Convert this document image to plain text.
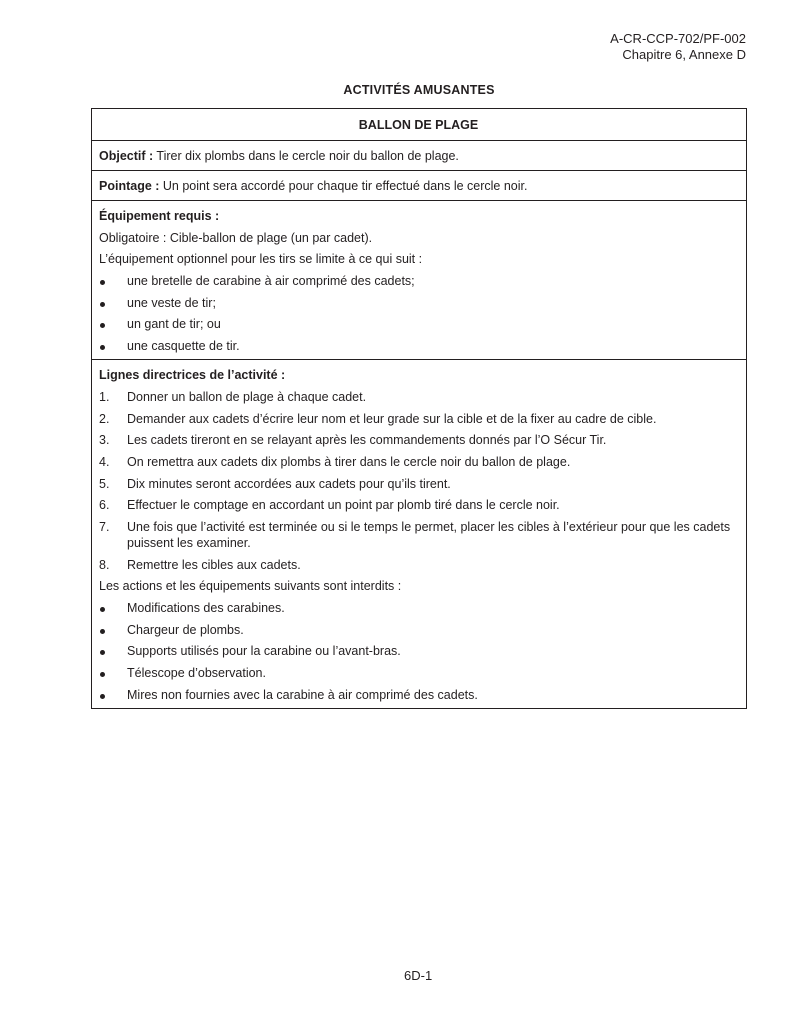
A-CR-CCP-702/PF-002
Chapitre 6, Annexe D
ACTIVITÉS AMUSANTES
BALLON DE PLAGE
Objectif : Tirer dix plombs dans le cercle noir du ballon de plage.
Pointage : Un point sera accordé pour chaque tir effectué dans le cercle noir.
Équipement requis :
Obligatoire : Cible-ballon de plage (un par cadet).
L’équipement optionnel pour les tirs se limite à ce qui suit :
une bretelle de carabine à air comprimé des cadets;
une veste de tir;
un gant de tir; ou
une casquette de tir.
Lignes directrices de l’activité :
1.	Donner un ballon de plage à chaque cadet.
2.	Demander aux cadets d’écrire leur nom et leur grade sur la cible et de la fixer au cadre de cible.
3.	Les cadets tireront en se relayant après les commandements donnés par l’O Sécur Tir.
4.	On remettra aux cadets dix plombs à tirer dans le cercle noir du ballon de plage.
5.	Dix minutes seront accordées aux cadets pour qu’ils tirent.
6.	Effectuer le comptage en accordant un point par plomb tiré dans le cercle noir.
7.	Une fois que l’activité est terminée ou si le temps le permet, placer les cibles à l’extérieur pour que les cadets puissent les examiner.
8.	Remettre les cibles aux cadets.
Les actions et les équipements suivants sont interdits :
Modifications des carabines.
Chargeur de plombs.
Supports utilisés pour la carabine ou l’avant-bras.
Télescope d’observation.
Mires non fournies avec la carabine à air comprimé des cadets.
6D-1
